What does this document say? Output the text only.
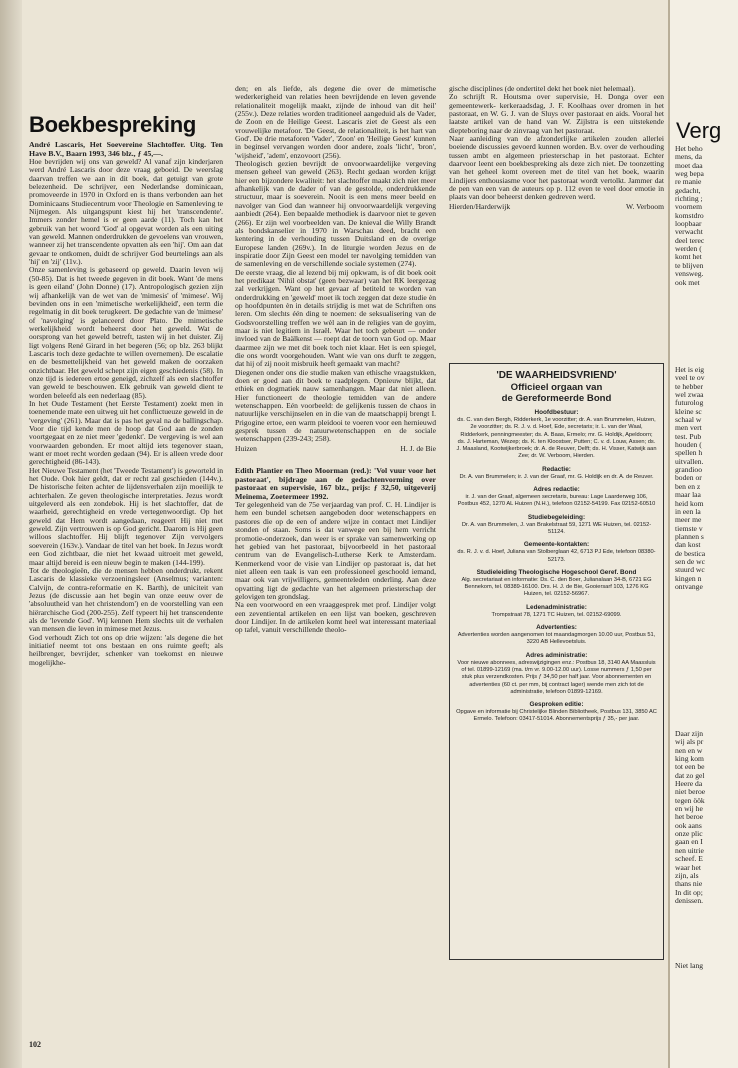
Boekbespreking

André Lascaris, Het Soevereine Slachtoffer. Uitg. Ten Have B.V., Baarn 1993, 346 blz., ƒ 45,—.

Hoe bevrijden wij ons van geweld? Al vanaf zijn kinderjaren werd André Lascaris door deze vraag geboeid. De weerslag daarvan treffen we aan in dit boek, dat getuigt van grote belezenheid. De schrijver, een Nederlandse dominicaan, promoveerde in 1970 in Oxford en is thans verbonden aan het Dominicaans Studiecentrum voor Theologie en Samenleving te Nijmegen. Als uitgangspunt kiest hij het 'transcendente'. Immers zonder hemel is er geen aarde (11). Toch kan het gebruik van het woord 'God' al opgevat worden als een uiting van geweld. Mannen onderdrukken de gevoelens van vrouwen, wanneer zij het transcendente opvatten als een 'hij'. Om aan dat gevaar te ontkomen, duidt de schrijver God beurtelings aan als 'hij' en 'zij' (11v.).

Onze samenleving is gebaseerd op geweld. Daarin leven wij (50-85). Dat is het tweede gegeven in dit boek. Want 'de mens is geen eiland' (John Donne) (17). Antropologisch gezien zijn wij afhankelijk van de wet van de 'mimesis' of 'mimese'. Wij bevinden ons in een 'mimetische werkelijkheid', een term die regelmatig in dit boek terugkeert. De gedachte van de 'mimese' of 'navolging' is gelanceerd door Plato. De mimetische werkelijkheid wordt beheerst door het geweld. Wat de oorsprong van het geweld betreft, tasten wij in het duister. Zij ligt volgens René Girard in het begeren (56; op blz. 263 blijkt Lascaris toch deze gedachte te willen overnemen). De escalatie en de besmettelijkheid van het geweld maken de oorzaken onzichtbaar. Het geweld schept zijn eigen geschiedenis (58). In onze tijd is iedereen ertoe geneigd, zichzelf als een slachtoffer van geweld te beschouwen. Elk gebruik van geweld dient te worden beleefd als een nederlaag (85).

In het Oude Testament (het Eerste Testament) zoekt men in toenemende mate een uitweg uit het conflictueuze geweld in de 'vergeving' (261). Maar dat is pas het geval na de ballingschap. Voor die tijd kende men de hoop dat God aan de zonden voortgegaat en ze niet meer 'gedenkt'. De vergeving is wel aan voorwaarden gebonden. Er moet altijd iets tegenover staan, want er moet recht worden gedaan (94). Er is alleen vrede door gerechtigheid (86-143).

Het Nieuwe Testament (het 'Tweede Testament') is geworteld in het Oude. Ook hier geldt, dat er recht zal geschieden (144v.). De historische feiten achter de lijdensverhalen zijn moeilijk te achterhalen. Ze geven theologische interpretaties. Jezus wordt uitgeleverd als een zondebok. Hij is het slachtoffer, dat de waarheid, gerechtigheid en vrede vertegenwoordigt. Op het geweld dat Hem wordt aangedaan, reageert Hij niet met geweld. Zijn vertrouwen is op God gericht. Daarom is Hij geen willoos slachtoffer. Hij blijft tegenover Zijn vervolgers soeverein (163v.). Vandaar de titel van het boek. In Jezus wordt een God zichtbaar, die niet het kwaad uitroeit met geweld, maar altijd bereid is een nieuw begin te maken (144-199).

Tot de theologieën, die de mensen hebben onderdrukt, rekent Lascaris de klassieke verzoeningsleer (Anselmus; varianten: Calvijn, de contra-reformatie en K. Barth), de uniciteit van Jezus (de discussie aan het begin van onze eeuw over de 'absoluutheid van het christendom') en de voorstelling van een hiërarchische God (200-255). Zelf typeert hij het transcendente als de 'levende God'. Wij kennen Hem slechts uit de verhalen van mensen die leven in mimese met Jezus.

God verhoudt Zich tot ons op drie wijzen: 'als degene die het initiatief neemt tot ons bestaan en ons ruimte geeft; als heilbrenger, bevrijder, schenker van toekomst en nieuwe mogelijkhe-

den; en als liefde, als degene die over de mimetische wederkerigheid van relaties heen bevrijdende en leven gevende relationaliteit mogelijk maakt, zijnde de inhoud van dit heil' (255v.). Deze relaties worden traditioneel aangeduid als de Vader, de Zoon en de Heilige Geest. Lascaris ziet de Geest als een vrouwelijke metafoor. 'De Geest, de relationaliteit, is het hart van God'. De drie metaforen 'Vader', 'Zoon' en 'Heilige Geest' kunnen in beginsel vervangen worden door andere, zoals 'licht', 'bron', 'wijsheid', 'adem', enzovoort (256).

Theologisch gezien bevrijdt de onvoorwaardelijke vergeving mensen geheel van geweld (263). Recht gedaan worden krijgt hier een bijzondere kwaliteit: het slachtoffer maakt zich niet meer afhankelijk van de dader of van de gestolde, onderdrukkende structuur, maar is soeverein. Nooit is een mens meer beeld en navolger van God dan wanneer hij onvoorwaardelijk vergeving aanbiedt (264). Een bepaalde methodiek is daarvoor niet te geven (266). Er zijn wel voorbeelden van. De knieval die Willy Brandt als bondskanselier in 1970 in Warschau deed, bracht een kentering in de verhouding tussen Duitsland en de overige Europese landen (269v.). In de liturgie worden Jezus en de inspiratie door Zijn Geest een model ter navolging temidden van de samenleving en de verschillende sociale systemen (274).

De eerste vraag, die al lezend bij mij opkwam, is of dit boek ooit het predikaat 'Nihil obstat' (geen bezwaar) van het RK leergezag zal verkrijgen. Want op het gevaar af betiteld te worden van onderdrukking en 'geweld' moet ik toch zeggen dat deze studie èn op hoofdpunten èn in details strijdig is met wat de Schriften ons leren. Om slechts één ding te noemen: de seksualisering van de Godsvoorstelling treffen we wèl aan in de religies van de goyim, maar is niet legitiem in Israël. Waar het toch gebeurt — onder invloed van de Baälkenst — roept dat de toorn van God op. Maar daarmee zijn we met dit boek toch niet klaar. Het is een spiegel, die ons wordt voorgehouden. Want wie van ons durft te zeggen, dat hij of zij nooit misbruik heeft gemaakt van macht?

Diegenen onder ons die studie maken van ethische vraagstukken, doen er goed aan dit boek te raadplegen. Opnieuw blijkt, dat ethiek en dogmatiek nauw samenhangen. Maar dat niet alleen. Hier functioneert de theologie temidden van de andere wetenschappen. Eén voorbeeld: de gelijkenis tussen de chaos in natuurlijke verschijnselen en in die van de maatschappij brengt I. Prigogine ertoe, een warm pleidooi te voeren voor een hernieuwd gesprek tussen de natuurwetenschappen en de sociale wetenschappen (239-243; 258).

Huizen	H. J. de Bie

Edith Plantier en Theo Moorman (red.): 'Vol vuur voor het pastoraat', bijdrage aan de gedachtenvorming over pastoraat en supervisie, 167 blz., prijs: ƒ 32,50, uitgeverij Meinema, Zoetermeer 1992.

Ter gelegenheid van de 75e verjaardag van prof. C. H. Lindijer is hem een bundel schetsen aangeboden door wetenschappers en pastores die op de een of andere wijze in contact met Lindijer stonden of staan. Soms is dat vanwege een bij hem verricht promotie-onderzoek, dan weer is er sprake van samenwerking op het gebied van het pastoraat, bijvoorbeeld in het pastoraal centrum van de Evangelisch-Lutherse Kerk te Amsterdam. Kenmerkend voor de visie van Lindijer op pastoraat is, dat het niet alleen een taak is van een professioneel geschoold iemand, maar ook van vrijwilligers, gemeenteleden onderling. Aan deze opvatting ligt de gedachte van het algemeen priesterschap der gelovigen ten grondslag.

Na een voorwoord en een vraaggesprek met prof. Lindijer volgt een zeventiental artikelen en een lijst van boeken, geschreven door Lindijer. In de artikelen komt heel wat interessant materiaal op tafel, vanuit verschillende theolo-

gische disciplines (de ondertitel dekt het boek niet helemaal).

Zo schrijft R. Houtsma over supervisie, H. Donga over een gemeentewerk- kerkeraadsdag, J. F. Koolhaas over dromen in het pastoraat, en W. G. J. van de Sluys over pastoraat en aids. Vooral het laatste artikel van de hand van W. Zijlstra is een uitstekende diepteboring naar de zinvraag van het pastoraat.

Naar aanleiding van de afzonderlijke artikelen zouden allerlei boeiende discussies gevoerd kunnen worden. B.v. over de verhouding tussen ambt en algemeen priesterschap in het pastoraat. Echter daarvoor leent een boekbespreking als deze zich niet. De toonzetting van het geheel komt overeen met de titel van het boek, waarin Lindijers enthousiasme voor het pastoraat wordt vertolkt. Jammer dat de pen van een van de auteurs op p. 112 even te veel door emotie in plaats van door beheerst denken gedreven werd.

Hierden/Harderwijk	W. Verboom
'DE WAARHEIDSVRIEND'
Officieel orgaan van
de Gereformeerde Bond
Hoofdbestuur:
ds. C. van den Bergh, Ridderkerk, 1e voorzitter; dr. A. van Brummelen, Huizen, 2e voorzitter; ds. R. J. v. d. Hoef, Ede, secretaris; ir. L. van der Waal, Ridderkerk, penningmeester; ds. A. Baas, Ermelo; mr. G. Holdijk, Apeldoorn; ds. J. Harteman, Wezep; ds. K. ten Kloostser, Putten; C. v. d. Louw, Assen; ds. J. Maasland, Kootwijkerbroek; dr. A. de Reuver, Delft; ds. H. Visser, Katwijk aan Zee; dr. W. Verboom, Hierden.
Redactie:
Dr. A. van Brummelen; ir. J. van der Graaf, mr. G. Holdijk en dr. A. de Reuver.
Adres redactie:
ir. J. van der Graaf, algemeen secretaris, bureau: Lage Laarderweg 106, Postbus 452, 1270 AL Huizen (N.H.), telefoon 02152-54199. Fax 02152-60510
Studiebegeleiding:
Dr. A. van Brummelen, J. van Brakelstraat 59, 1271 WE Huizen, tel. 02152-51124.
Gemeente-kontakten:
ds. R. J. v. d. Hoef, Juliana van Stolberglaan 42, 6713 PJ Ede, telefoon 08380-52173.
Studieleiding Theologische Hogeschool Geref. Bond
Alg. secretariaat en informatie: Ds. C. den Boer, Julianalaan 34-B, 6721 EG Bennekom, tel. 08389-16100. Drs. H. J. de Bie, Gooiersarf 103, 1276 KG Huizen, tel. 02152-56967.
Ledenadministratie:
Trompstraat 78, 1271 TC Huizen, tel. 02152-69099.
Advertenties:
Advertenties worden aangenomen tot maandagmorgen 10.00 uur, Postbus 51, 3220 AB Hellevoetsluis.
Adres administratie:
Voor nieuwe abonnees, adreswijzigingen enz.: Postbus 18, 3140 AA Maassluis of tel. 01899-12169 (ma. t/m vr. 9.00-12.00 uur). Losse nummers ƒ 1,50 per stuk plus verzendkosten. Prijs ƒ 34,50 per half jaar. Voor abonnementen en advertenties (60 ct. per mm, bij contract lager) wende men zich tot de administratie, telefoon 01899-12169.
Gesproken editie:
Opgave en informatie bij Christelijke Blinden Bibliotheek, Postbus 131, 3850 AC Ermelo. Telefoon: 03417-51014. Abonnementsprijs ƒ 35,- per jaar.
102
Verg
Het beho
mens, da
moet daa
weg bepa
re manie
gedacht,
richting ;
voornem
komstdro
loopbaar
verwacht
deel terec
werden (
komt het
te blijven
vensweg.
ook met
Het is eig
veel te ov
te hebber
wel zwaa
futurolog
kleine sc
schaal w
men vert
test. Pub
houden (
spellen h
uitvallen.
grandioo
boden or
ben en z
maar laa
heid kom
in een la
meer me
tiemste v
plannen s
dan kost
de bestica
sen de wc
stuurd wc
kingen n
ontvange
Daar zijn
wij als pr
nen en w
king kom
tot een be
dat zo gel
Heere da
niet beroe
tegen öök
en wij he
het beroe
ook aans
onze plic
gaan en I
nen uitrie
scheef. E
waar het
zijn, als
thans nie
In dit op;
denissen.
Niet lang
